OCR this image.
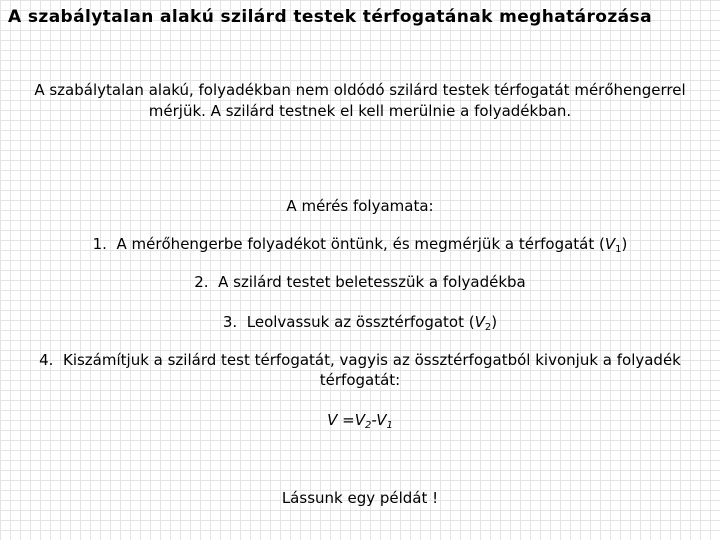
A szabálytalan alakú szilárd testek térfogatának meghatározása
A szabálytalan alakú, folyadékban nem oldódó szilárd testek térfogatát mérőhengerrel mérjük. A szilárd testnek el kell merülnie a folyadékban.
A mérés folyamata:
1. A mérőhengerbe folyadékot öntünk, és megmérjük a térfogatát $(V_1)$
2. A szilárd testet beletesszük a folyadékba
3. Leolvassuk az össztérfogatot $(V_2)$
4. Kiszámítjuk a szilárd test térfogatát, vagyis az össztérfogatból kivonjuk a folyadék térfogatát:
$V =V_2-V_1$
Lássunk egy példát !
